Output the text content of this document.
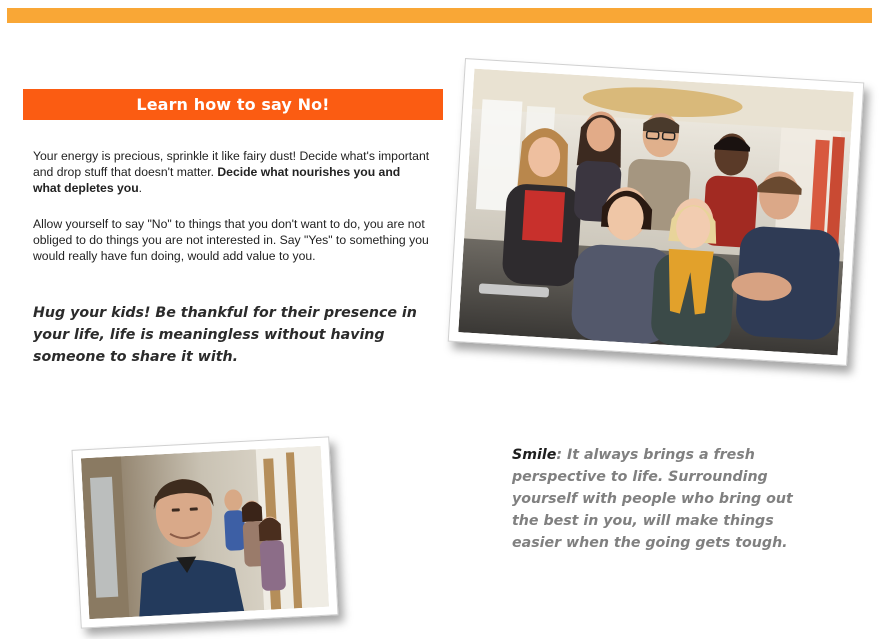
Learn how to say No!
Your energy is precious, sprinkle it like fairy dust! Decide what's important and drop stuff that doesn't matter. Decide what nourishes you and what depletes you.
Allow yourself to say "No" to things that you don't want to do, you are not obliged to do things you are not interested in. Say "Yes" to something you would really have fun doing, would add value to you.
Hug your kids! Be thankful for their presence in your life, life is meaningless without having someone to share it with.
Smile: It always brings a fresh perspective to life. Surrounding yourself with people who bring out the best in you, will make things easier when the going gets tough.
